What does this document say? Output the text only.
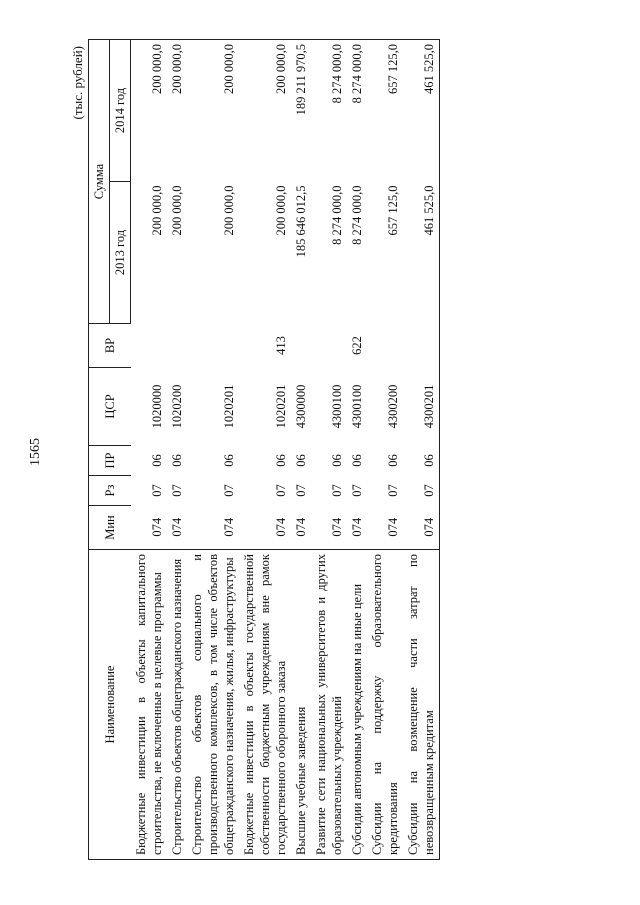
1565
(тыс. рублей)
Наименование	Мин	Рз	ПР	ЦСР	ВР	Сумма	
						2013 год	2014 год
Бюджетные инвестиции в объекты капитального строительства, не включенные в целевые программы	074	07	06	1020000		200 000,0	200 000,0
Строительство объектов общегражданского назначения	074	07	06	1020200		200 000,0	200 000,0
Строительство объектов социального и производственного комплексов, в том числе объектов общегражданского назначения, жилья, инфраструктуры	074	07	06	1020201		200 000,0	200 000,0
Бюджетные инвестиции в объекты государственной собственности бюджетным учреждениям вне рамок государственного оборонного заказа	074	07	06	1020201	413	200 000,0	200 000,0
Высшие учебные заведения	074	07	06	4300000		185 646 012,5	189 211 970,5
Развитие сети национальных университетов и других образовательных учреждений	074	07	06	4300100		8 274 000,0	8 274 000,0
Субсидии автономным учреждениям на иные цели	074	07	06	4300100	622	8 274 000,0	8 274 000,0
Субсидии на поддержку образовательного кредитования	074	07	06	4300200		657 125,0	657 125,0
Субсидии на возмещение части затрат по невозвращенным кредитам	074	07	06	4300201		461 525,0	461 525,0
